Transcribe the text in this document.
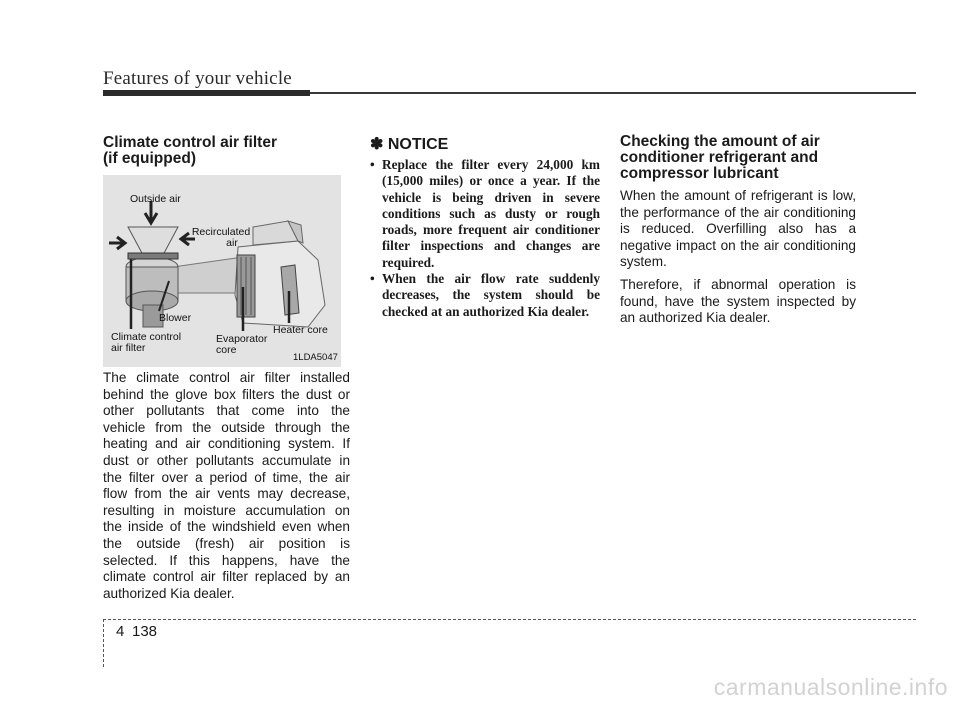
Features of your vehicle
Climate control air filter
(if equipped)
Outside air
Recirculated
air
Blower
Heater core
Climate control
air filter
Evaporator
core
1LDA5047

The climate control air filter installed behind the glove box filters the dust or other pollutants that come into the vehicle from the outside through the heating and air conditioning system. If dust or other pollutants accumulate in the filter over a period of time, the air flow from the air vents may decrease, resulting in moisture accumulation on the inside of the windshield even when the outside (fresh) air position is selected. If this happens, have the climate control air filter replaced by an authorized Kia dealer.

✽ NOTICE
• Replace the filter every 24,000 km (15,000 miles) or once a year. If the vehicle is being driven in severe conditions such as dusty or rough roads, more frequent air conditioner filter inspections and changes are required.
• When the air flow rate suddenly decreases, the system should be checked at an authorized Kia dealer.
Checking the amount of air
conditioner refrigerant and
compressor lubricant

When the amount of refrigerant is low, the performance of the air conditioning is reduced. Overfilling also has a negative impact on the air conditioning system.

Therefore, if abnormal operation is found, have the system inspected by an authorized Kia dealer.

4 138
carmanualsonline.info
